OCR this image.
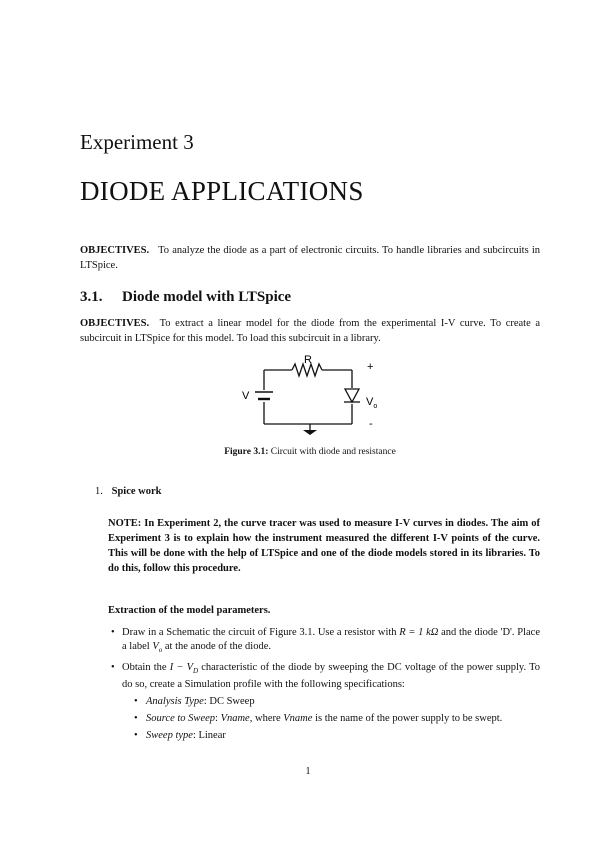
Experiment 3
DIODE APPLICATIONS
OBJECTIVES. To analyze the diode as a part of electronic circuits. To handle libraries and subcircuits in LTSpice.
3.1. Diode model with LTSpice
OBJECTIVES. To extract a linear model for the diode from the experimental I-V curve. To create a subcircuit in LTSpice for this model. To load this subcircuit in a library.
R
V
+
$V_o$
-
Figure 3.1: Circuit with diode and resistance
1. Spice work
NOTE: In Experiment 2, the curve tracer was used to measure I-V curves in diodes. The aim of Experiment 3 is to explain how the instrument measured the different I-V points of the curve. This will be done with the help of LTSpice and one of the diode models stored in its libraries. To do this, follow this procedure.
Extraction of the model parameters.
• Draw in a Schematic the circuit of Figure 3.1. Use a resistor with R = 1 kΩ and the diode 'D'. Place a label $V_o$ at the anode of the diode.
• Obtain the $I - V_D$ characteristic of the diode by sweeping the DC voltage of the power supply. To do so, create a Simulation profile with the following specifications:
• Analysis Type: DC Sweep
• Source to Sweep: Vname, where Vname is the name of the power supply to be swept.
• Sweep type: Linear
1
